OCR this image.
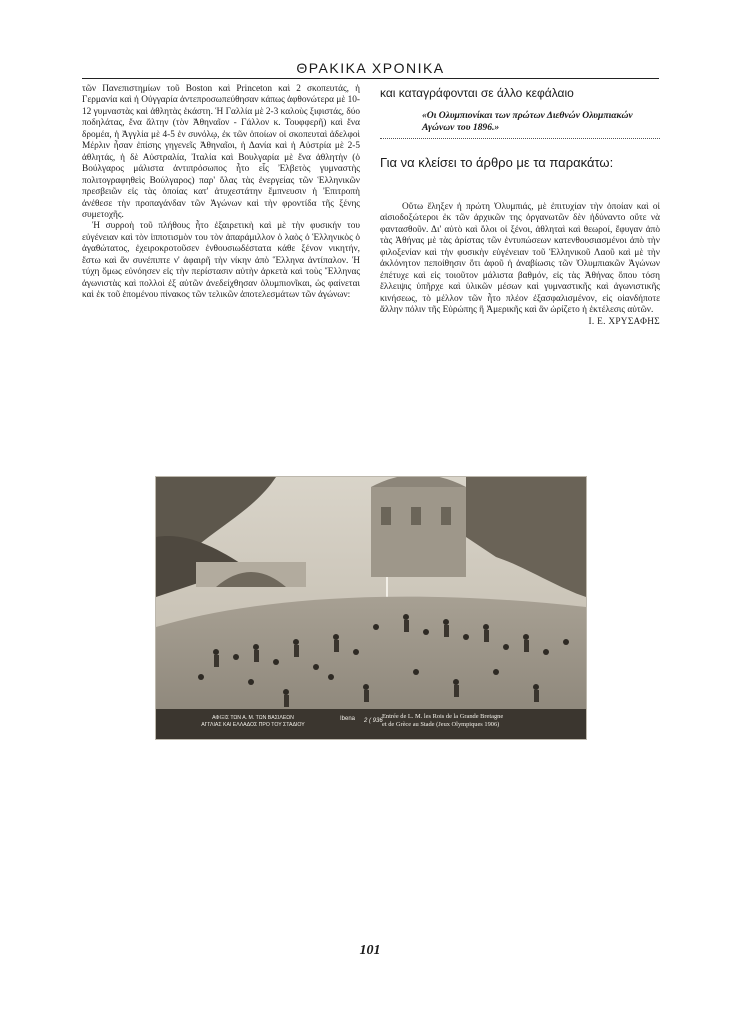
ΘΡΑΚΙΚΑ ΧΡΟΝΙΚΑ

τῶν Πανεπιστημίων τοῦ Boston καὶ Princeton καὶ 2 σκοπευτάς, ἡ Γερμανία καὶ ἡ Οὐγγαρία ἀντεπροσωπεύθησαν κάπως ἀφθονώτερα μὲ 10-12 γυμναστὰς καὶ ἀθλητὰς ἑκάστη. Ἡ Γαλλία μὲ 2-3 καλοὺς ξιφιστάς, δύο ποδηλάτας, ἕνα ἄλτην (τὸν Ἀθηναῖον - Γάλλον κ. Τουφφερῆ) καὶ ἕνα δρομέα, ἡ Ἀγγλία μὲ 4-5 ἐν συνόλῳ, ἐκ τῶν ὁποίων οἱ σκοπευταὶ ἀδελφοὶ Μέρλιν ἦσαν ἐπίσης γηγενεῖς Ἀθηναῖοι, ἡ Δανία καὶ ἡ Αὐστρία μὲ 2-5 ἀθλητάς, ἡ δὲ Αὐστραλία, Ἰταλία καὶ Βουλγαρία μὲ ἕνα ἀθλητὴν (ὁ Βούλγαρος μάλιστα ἀντιπρόσωπος ἦτο εἷς Ἐλβετὸς γυμναστὴς πολιτογραφηθεὶς Βούλγαρος) παρ' ὅλας τὰς ἐνεργείας τῶν Ἑλληνικῶν πρεσβειῶν εἰς τὰς ὁποίας κατ' ἀτυχεστάτην ἔμπνευσιν ἡ Ἐπιτροπὴ ἀνέθεσε τὴν προπαγάνδαν τῶν Ἀγώνων καὶ τὴν φροντίδα τῆς ξένης συμετοχῆς.

Ἡ συρροὴ τοῦ πλήθους ἦτο ἐξαιρετικὴ καὶ μὲ τὴν φυσικήν του εὐγένειαν καὶ τὸν ἱπποτισμὸν του τὸν ἀπαράμιλλον ὁ λαὸς ὁ Ἑλληνικὸς ὁ ἀγαθώτατος, ἐχειροκροτοῦσεν ἐνθουσιωδέστατα κάθε ξένον νικητήν, ἔστω καὶ ἂν συνέπιπτε ν' ἀφαιρῆ τὴν νίκην ἀπὸ Ἕλληνα ἀντίπαλον. Ἡ τύχη ὅμως εὐνόησεν εἰς τὴν περίστασιν αὐτὴν ἀρκετὰ καὶ τοὺς Ἕλληνας ἀγωνιστὰς καὶ πολλοὶ ἐξ αὐτῶν ἀνεδείχθησαν ὀλυμπιονῖκαι, ὡς φαίνεται καὶ ἐκ τοῦ ἑπομένου πίνακος τῶν τελικῶν ἀποτελεσμάτων τῶν ἀγώνων:

και καταγράφονται σε άλλο κεφάλαιο

«Οι Ολυμπιονίκαι των πρώτων Διεθνών Ολυμπιακών Αγώνων του 1896.»

Για να κλείσει το άρθρο με τα παρακάτω:

Οὕτω ἔληξεν ἡ πρώτη Ὀλυμπιάς, μὲ ἐπιτυχίαν τὴν ὁποίαν καὶ οἱ αἰσιοδοξώτεροι ἐκ τῶν ἀρχικῶν της ὀργανωτῶν δὲν ἠδύναντο οὔτε νὰ φαντασθοῦν. Δι' αὐτὸ καὶ ὅλοι οἱ ξένοι, ἀθληταὶ καὶ θεωροί, ἔφυγαν ἀπὸ τὰς Ἀθήνας μὲ τὰς ἀρίστας τῶν ἐντυπώσεων κατενθουσιασμένοι ἀπὸ τὴν φιλοξενίαν καὶ τὴν φυσικὴν εὐγένειαν τοῦ Ἑλληνικοῦ Λαοῦ καὶ μὲ τὴν ἀκλόνητον πεποίθησιν ὅτι ἀφοῦ ἡ ἀναβίωσις τῶν Ὀλυμπιακῶν Ἀγώνων ἐπέτυχε καὶ εἰς τοιοῦτον μάλιστα βαθμόν, εἰς τὰς Ἀθήνας ὅπου τόση ἔλλειψις ὑπῆρχε καὶ ὑλικῶν μέσων καὶ γυμναστικῆς καὶ ἀγωνιστικῆς κινήσεως, τὸ μέλλον τῶν ἦτο πλέον ἐξασφαλισμένον, εἰς οἱανδήποτε ἄλλην πόλιν τῆς Εὐρώπης ἢ Ἀμερικῆς καὶ ἂν ὡρίζετο ἡ ἐκτέλεσις αὐτῶν.

Ι. Ε. ΧΡΥΣΑΦΗΣ
ΑΦΙΞΙΣ ΤΩΝ Α. Μ. ΤΩΝ ΒΑΣΙΛΕΩΝ
ΑΓΓΛΙΑΣ ΚΑΙ ΕΛΛΑΔΟΣ ΠΡΟ ΤΟΥ ΣΤΑΔΙΟΥ
Ibena 2 ( 936
Entrée de L. M. les Rois de la Grande Bretagne
et de Grèce au Stade (Jeux Olympiques 1906)
101
